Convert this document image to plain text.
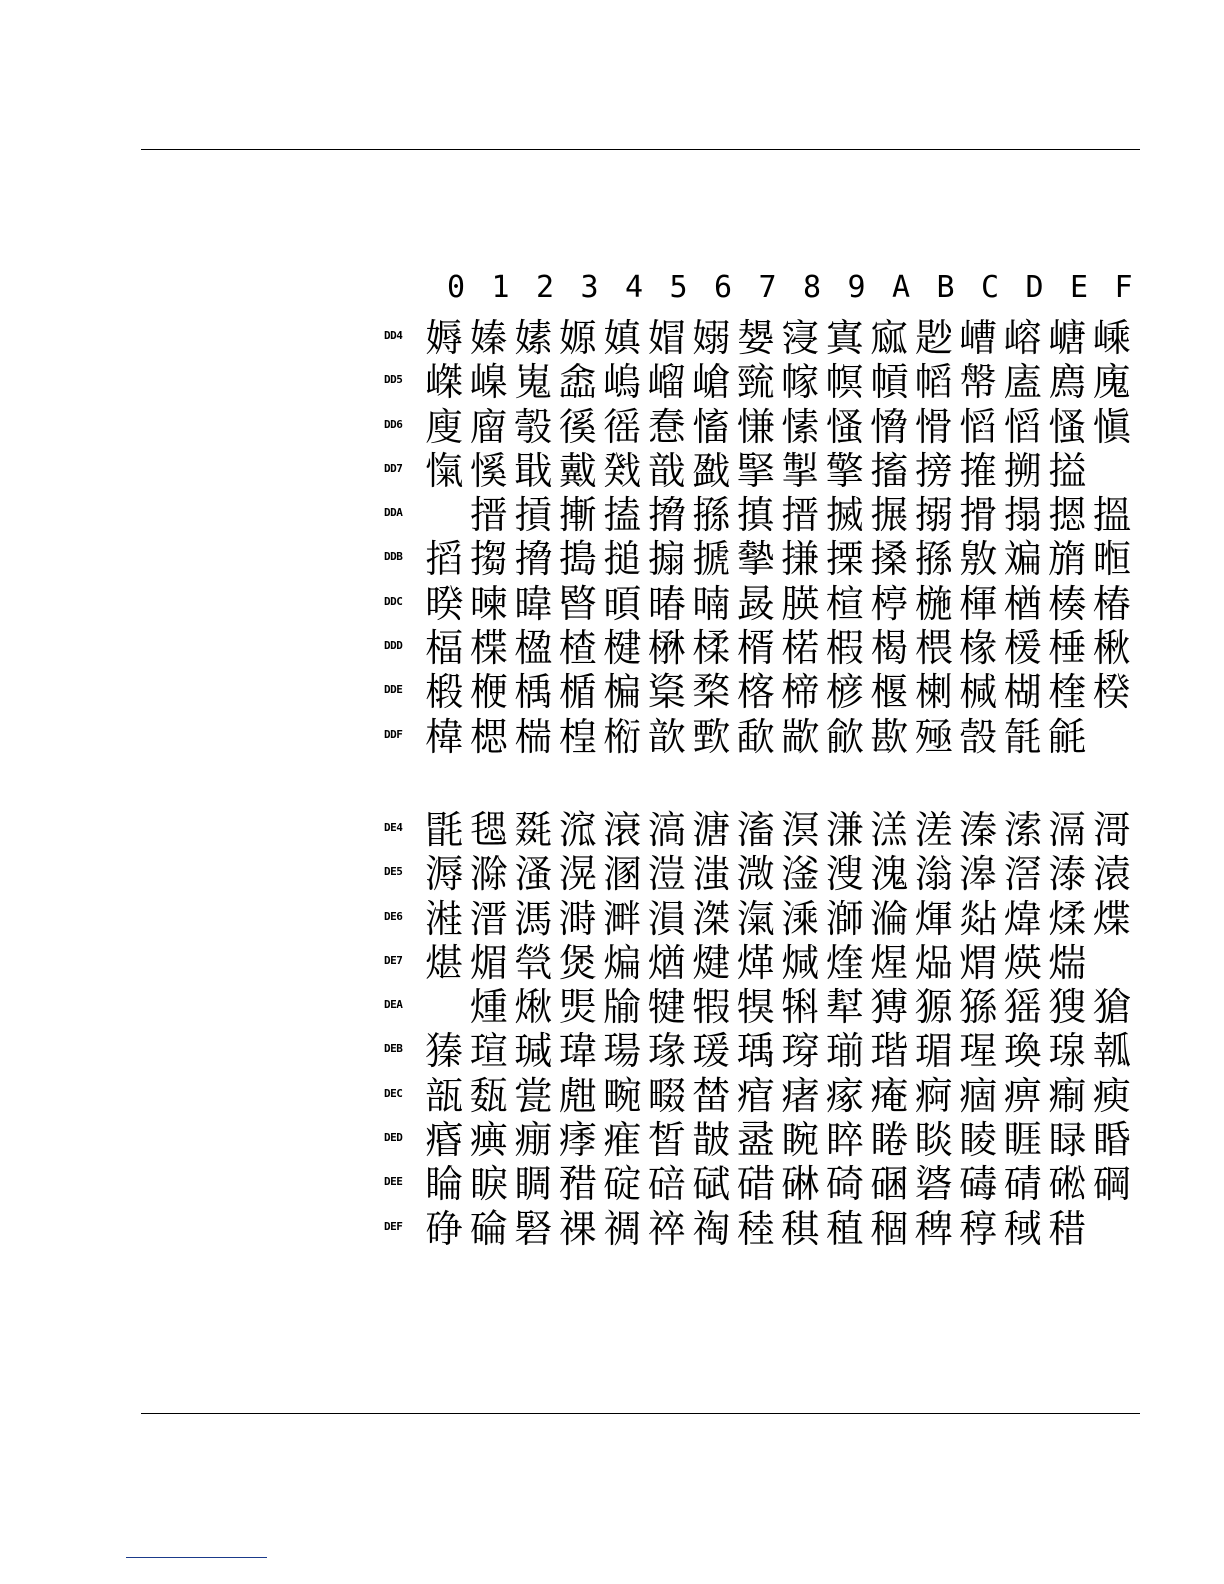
0 1 2 3 4 5 6 7 8 9 A B C D E F
DD4 媷 嫀 嫊 嫄 嫃 媢 嫋 嫢 寖 寘 寙 尟 嶆 嵱 嵣 嵊
DD5 嵥 嵲 嵬 嵞 嵨 嵧 嵢 巰 幏 幎 幊 幍 幋 廅 廌 廆
DD6 廋 廇 彀 徯 徭 惷 慉 慊 愫 慅 愶 愲 慆 慆 慅 愼
DD7 愾 慀 戢 戴 戣 戠 戤 掔 掣 擎 搐 搒 搉 搠 搤
DDA	搢 摃 摲 搕 搚 搎 搷 搢 搣 搌 搦 搰 搨 摁 搵
DDB 搯 搊 搚 搗 搥 搧 搋 摰 搛 搮 搡 搎 敫 斒 旓 暅
DDC 暌 暕 暐 暋 暊 暙 暔 晸 朠 楦 楟 椸 楎 楢 楱 椿
DDD 楅 楪 楹 楂 楗 楙 楺 楈 楉 椵 楬 椳 椽 楥 棰 楸
DDE 椴 楩 楀 楯 楄 楶 楘 楁 楴 楌 椻 楋 椷 楜 楏 楑
DDF 椲 楒 椯 楻 椼 歆 歅 歃 歂 歈 歁 殛 嗀 毻 毹
DE4 毷 毸 毲 溛 滖 滈 溏 滀 溟 溓 溔 溠 溱 溹 滆 滒
DE5 溽 滁 溞 滉 溷 溰 滍 溦 滏 溲 溾 滃 滜 滘 溙 溒
DE6 溎 溍 溤 溡 溿 溳 滐 滊 溗 溮 溣 煇 煔 煒 煣 煠
DE7 煁 煝 煢 煲 煸 煪 煡 煂 煘 煃 煋 煰 煟 煐 煓
DEA	煄 煍 煚 牏 犍 犌 犑 犐 犎 猼 獂 猻 猺 獀 獊
DEB 獉 瑄 瑊 瑋 瑒 瑑 瑗 瑀 瑏 瑐 瑎 瑂 瑆 瑍 瑔 瓡
DEC 瓿 瓾 瓽 甝 畹 畷 榃 痯 瘏 瘃 痷 痾 痼 痹 痸 瘐
DED 痻 痶 痭 痵 痽 皙 皵 盝 睕 睟 睠 睒 睖 睚 睩 睧
DEE 睔 睙 睭 矠 碇 碚 碔 碏 碄 碕 碅 碆 碡 碃 硹 碙
DEF 碀 碖 硻 祼 禂 祽 祹 稑 稘 稙 稒 稗 稕 稢 稓
